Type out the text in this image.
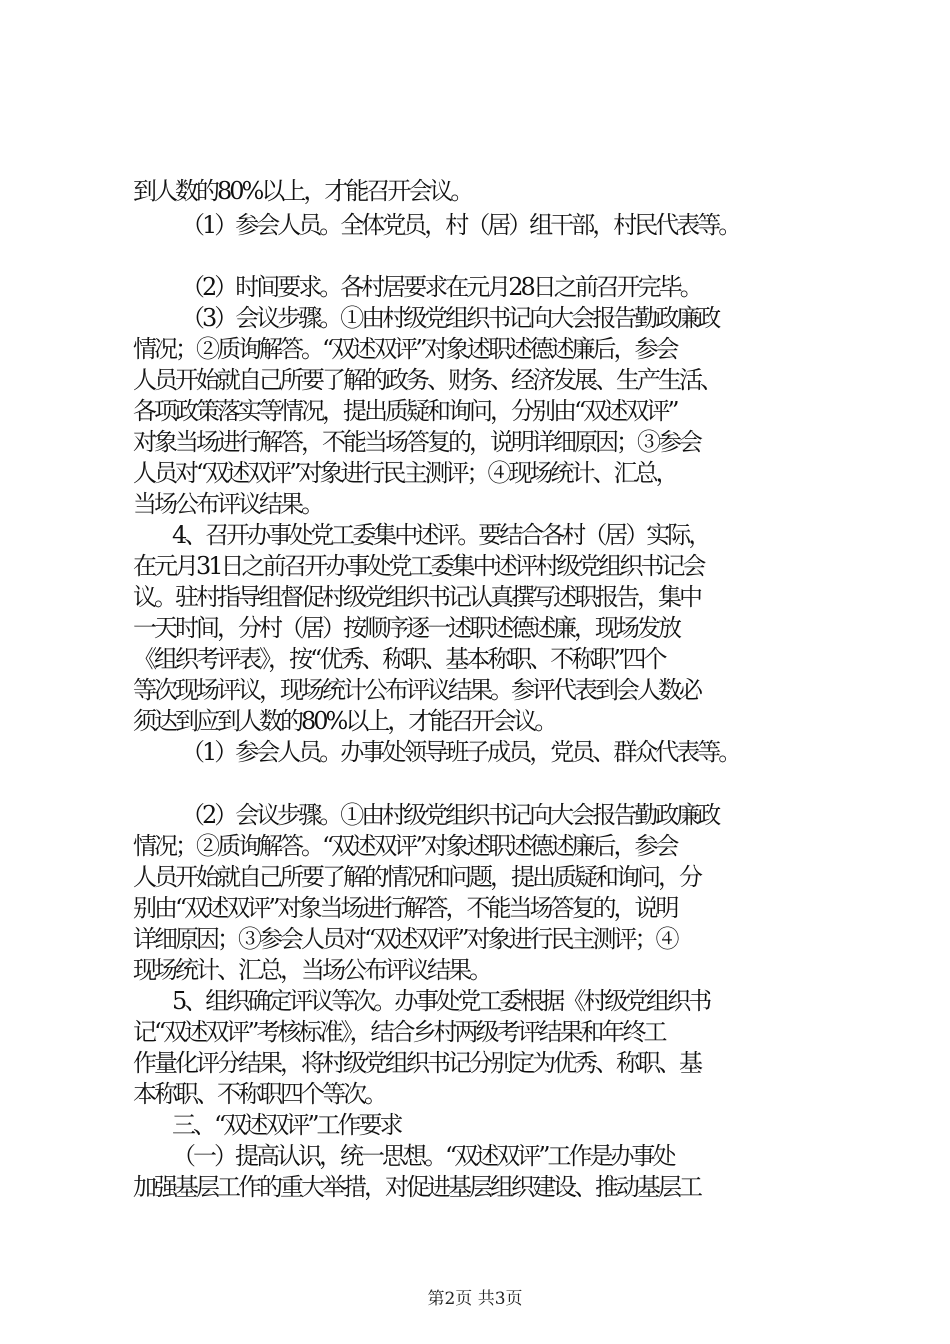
到人数的80%以上，才能召开会议。
（1）参会人员。全体党员，村（居）组干部，村民代表等。
（2）时间要求。各村居要求在元月28日之前召开完毕。
（3）会议步骤。①由村级党组织书记向大会报告勤政廉政
情况；②质询解答。“双述双评”对象述职述德述廉后，参会
人员开始就自己所要了解的政务、财务、经济发展、生产生活、
各项政策落实等情况，提出质疑和询问，分别由“双述双评”
对象当场进行解答，不能当场答复的，说明详细原因；③参会
人员对“双述双评”对象进行民主测评；④现场统计、汇总，
当场公布评议结果。
4、召开办事处党工委集中述评。要结合各村（居）实际，
在元月31日之前召开办事处党工委集中述评村级党组织书记会
议。驻村指导组督促村级党组织书记认真撰写述职报告，集中
一天时间，分村（居）按顺序逐一述职述德述廉，现场发放
《组织考评表》，按“优秀、称职、基本称职、不称职”四个
等次现场评议，现场统计公布评议结果。参评代表到会人数必
须达到应到人数的80%以上，才能召开会议。
（1）参会人员。办事处领导班子成员，党员、群众代表等。
（2）会议步骤。①由村级党组织书记向大会报告勤政廉政
情况；②质询解答。“双述双评”对象述职述德述廉后，参会
人员开始就自己所要了解的情况和问题，提出质疑和询问，分
别由“双述双评”对象当场进行解答，不能当场答复的，说明
详细原因；③参会人员对“双述双评”对象进行民主测评；④
现场统计、汇总，当场公布评议结果。
5、组织确定评议等次。办事处党工委根据《村级党组织书
记“双述双评”考核标准》，结合乡村两级考评结果和年终工
作量化评分结果，将村级党组织书记分别定为优秀、称职、基
本称职、不称职四个等次。
三、“双述双评”工作要求
（一）提高认识，统一思想。“双述双评”工作是办事处
加强基层工作的重大举措，对促进基层组织建设、推动基层工
第2页 共3页
